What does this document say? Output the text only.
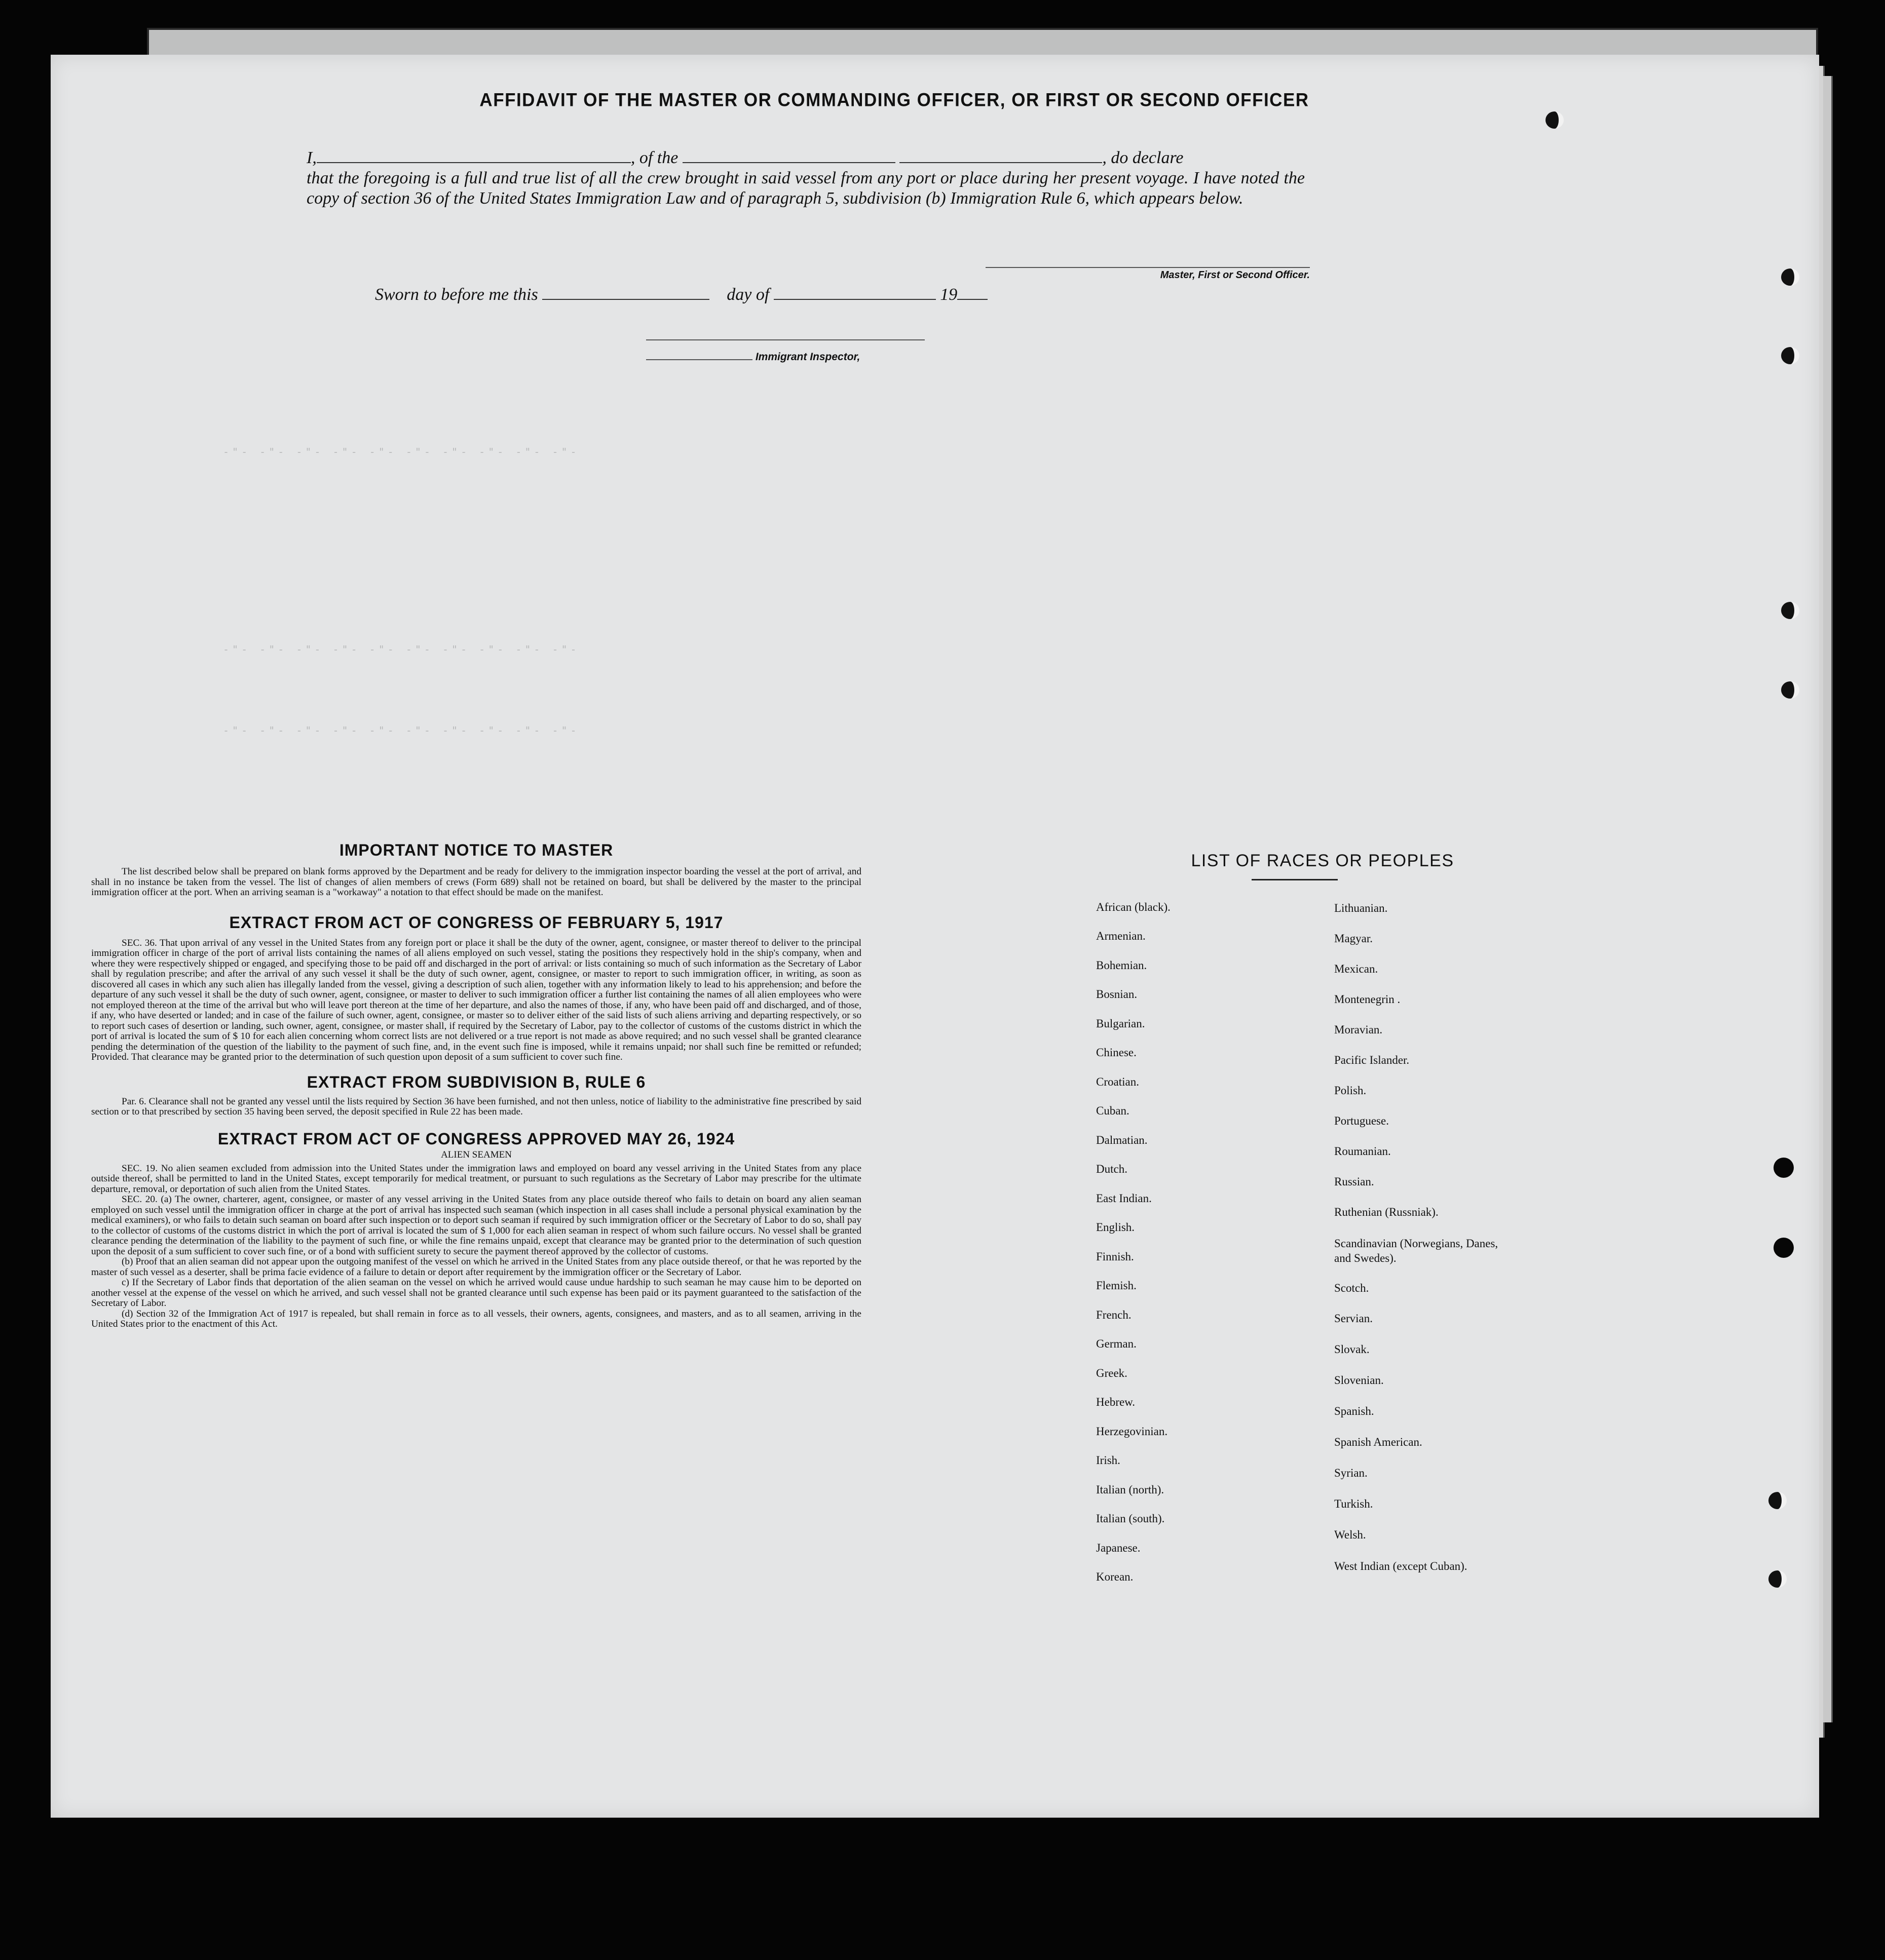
AFFIDAVIT OF THE MASTER OR COMMANDING OFFICER, OR FIRST OR SECOND OFFICER
I,	, of the	, do declare
that the foregoing is a full and true list of all the crew brought in said vessel from any port or place during her present voyage. I have noted the copy of section 36 of the United States Immigration Law and of paragraph 5, subdivision (b) Immigration Rule 6, which appears below.
Master, First or Second Officer.
Sworn to before me this	day of	19
Immigrant Inspector,
-"- -"- -"- -"- -"- -"- -"- -"- -"- -"-
-"- -"- -"- -"- -"- -"- -"- -"- -"- -"-
-"- -"- -"- -"- -"- -"- -"- -"- -"- -"-
IMPORTANT NOTICE TO MASTER

The list described below shall be prepared on blank forms approved by the Department and be ready for delivery to the immigration inspector boarding the vessel at the port of arrival, and shall in no instance be taken from the vessel. The list of changes of alien members of crews (Form 689) shall not be retained on board, but shall be delivered by the master to the principal immigration officer at the port. When an arriving seaman is a "workaway" a notation to that effect should be made on the manifest.

EXTRACT FROM ACT OF CONGRESS OF FEBRUARY 5, 1917

SEC. 36. That upon arrival of any vessel in the United States from any foreign port or place it shall be the duty of the owner, agent, consignee, or master thereof to deliver to the principal immigration officer in charge of the port of arrival lists containing the names of all aliens employed on such vessel, stating the positions they respectively hold in the ship's company, when and where they were respectively shipped or engaged, and specifying those to be paid off and discharged in the port of arrival: or lists containing so much of such information as the Secretary of Labor shall by regulation prescribe; and after the arrival of any such vessel it shall be the duty of such owner, agent, consignee, or master to report to such immigration officer, in writing, as soon as discovered all cases in which any such alien has illegally landed from the vessel, giving a description of such alien, together with any information likely to lead to his apprehension; and before the departure of any such vessel it shall be the duty of such owner, agent, consignee, or master to deliver to such immigration officer a further list containing the names of all alien employees who were not employed thereon at the time of the arrival but who will leave port thereon at the time of her departure, and also the names of those, if any, who have been paid off and discharged, and of those, if any, who have deserted or landed; and in case of the failure of such owner, agent, consignee, or master so to deliver either of the said lists of such aliens arriving and departing respectively, or so to report such cases of desertion or landing, such owner, agent, consignee, or master shall, if required by the Secretary of Labor, pay to the collector of customs of the customs district in which the port of arrival is located the sum of $ 10 for each alien concerning whom correct lists are not delivered or a true report is not made as above required; and no such vessel shall be granted clearance pending the determination of the question of the liability to the payment of such fine, and, in the event such fine is imposed, while it remains unpaid; nor shall such fine be remitted or refunded; Provided. That clearance may be granted prior to the determination of such question upon deposit of a sum sufficient to cover such fine.

EXTRACT FROM SUBDIVISION B, RULE 6

Par. 6. Clearance shall not be granted any vessel until the lists required by Section 36 have been furnished, and not then unless, notice of liability to the administrative fine prescribed by said section or to that prescribed by section 35 having been served, the deposit specified in Rule 22 has been made.

EXTRACT FROM ACT OF CONGRESS APPROVED MAY 26, 1924
ALIEN SEAMEN

SEC. 19. No alien seamen excluded from admission into the United States under the immigration laws and employed on board any vessel arriving in the United States from any place outside thereof, shall be permitted to land in the United States, except temporarily for medical treatment, or pursuant to such regulations as the Secretary of Labor may prescribe for the ultimate departure, removal, or deportation of such alien from the United States.

SEC. 20. (a) The owner, charterer, agent, consignee, or master of any vessel arriving in the United States from any place outside thereof who fails to detain on board any alien seaman employed on such vessel until the immigration officer in charge at the port of arrival has inspected such seaman (which inspection in all cases shall include a personal physical examination by the medical examiners), or who fails to detain such seaman on board after such inspection or to deport such seaman if required by such immigration officer or the Secretary of Labor to do so, shall pay to the collector of customs of the customs district in which the port of arrival is located the sum of $ 1,000 for each alien seaman in respect of whom such failure occurs. No vessel shall be granted clearance pending the determination of the liability to the payment of such fine, or while the fine remains unpaid, except that clearance may be granted prior to the determination of such question upon the deposit of a sum sufficient to cover such fine, or of a bond with sufficient surety to secure the payment thereof approved by the collector of customs.

(b) Proof that an alien seaman did not appear upon the outgoing manifest of the vessel on which he arrived in the United States from any place outside thereof, or that he was reported by the master of such vessel as a deserter, shall be prima facie evidence of a failure to detain or deport after requirement by the immigration officer or the Secretary of Labor.

c) If the Secretary of Labor finds that deportation of the alien seaman on the vessel on which he arrived would cause undue hardship to such seaman he may cause him to be deported on another vessel at the expense of the vessel on which he arrived, and such vessel shall not be granted clearance until such expense has been paid or its payment guaranteed to the satisfaction of the Secretary of Labor.

(d) Section 32 of the Immigration Act of 1917 is repealed, but shall remain in force as to all vessels, their owners, agents, consignees, and masters, and as to all seamen, arriving in the United States prior to the enactment of this Act.

LIST OF RACES OR PEOPLES
African (black).
Armenian.
Bohemian.
Bosnian.
Bulgarian.
Chinese.
Croatian.
Cuban.
Dalmatian.
Dutch.
East Indian.
English.
Finnish.
Flemish.
French.
German.
Greek.
Hebrew.
Herzegovinian.
Irish.
Italian (north).
Italian (south).
Japanese.
Korean.
Lithuanian.
Magyar.
Mexican.
Montenegrin .
Moravian.
Pacific Islander.
Polish.
Portuguese.
Roumanian.
Russian.
Ruthenian (Russniak).
Scandinavian (Norwegians, Danes, and Swedes).
Scotch.
Servian.
Slovak.
Slovenian.
Spanish.
Spanish American.
Syrian.
Turkish.
Welsh.
West Indian (except Cuban).
